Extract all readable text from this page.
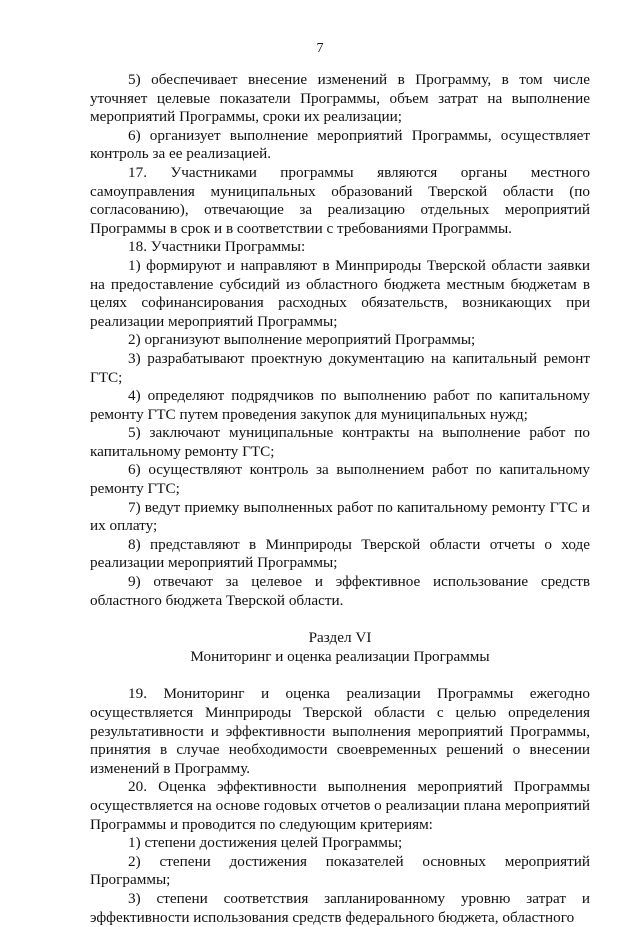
7

5) обеспечивает внесение изменений в Программу, в том числе уточняет целевые показатели Программы, объем затрат на выполнение мероприятий Программы, сроки их реализации;

6) организует выполнение мероприятий Программы, осуществляет контроль за ее реализацией.

17. Участниками программы являются органы местного самоуправления муниципальных образований Тверской области (по согласованию), отвечающие за реализацию отдельных мероприятий Программы в срок и в соответствии с требованиями Программы.

18. Участники Программы:

1) формируют и направляют в Минприроды Тверской области заявки на предоставление субсидий из областного бюджета местным бюджетам в целях софинансирования расходных обязательств, возникающих при реализации мероприятий Программы;

2) организуют выполнение мероприятий Программы;

3) разрабатывают проектную документацию на капитальный ремонт ГТС;

4) определяют подрядчиков по выполнению работ по капитальному ремонту ГТС путем проведения закупок для муниципальных нужд;

5) заключают муниципальные контракты на выполнение работ по капитальному ремонту ГТС;

6) осуществляют контроль за выполнением работ по капитальному ремонту ГТС;

7) ведут приемку выполненных работ по капитальному ремонту ГТС и их оплату;

8) представляют в Минприроды Тверской области отчеты о ходе реализации мероприятий Программы;

9) отвечают за целевое и эффективное использование средств областного бюджета Тверской области.

Раздел VI

Мониторинг и оценка реализации Программы

19. Мониторинг и оценка реализации Программы ежегодно осуществляется Минприроды Тверской области с целью определения результативности и эффективности выполнения мероприятий Программы, принятия в случае необходимости своевременных решений о внесении изменений в Программу.

20. Оценка эффективности выполнения мероприятий Программы осуществляется на основе годовых отчетов о реализации плана мероприятий Программы и проводится по следующим критериям:

1) степени достижения целей Программы;

2) степени достижения показателей основных мероприятий Программы;

3) степени соответствия запланированному уровню затрат и эффективности использования средств федерального бюджета, областного
